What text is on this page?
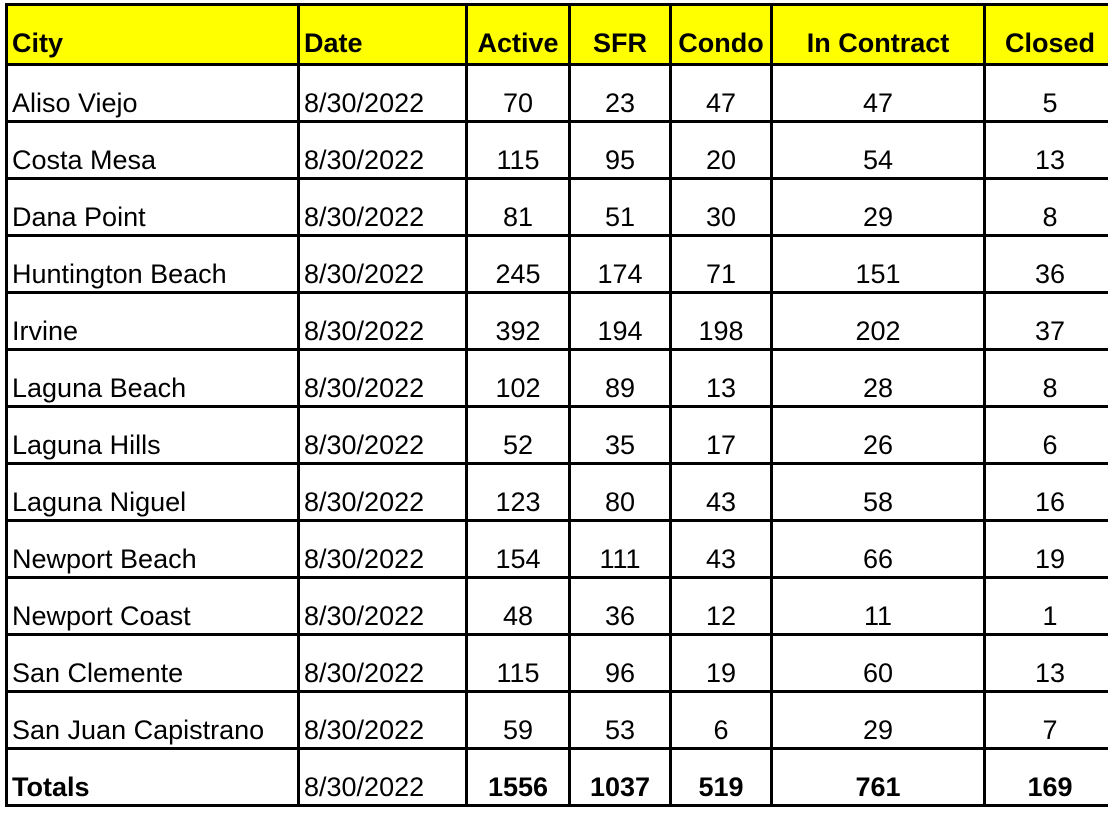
City	Date	Active	SFR	Condo	In Contract	Closed
Aliso Viejo	8/30/2022	70	23	47	47	5
Costa Mesa	8/30/2022	115	95	20	54	13
Dana Point	8/30/2022	81	51	30	29	8
Huntington Beach	8/30/2022	245	174	71	151	36
Irvine	8/30/2022	392	194	198	202	37
Laguna Beach	8/30/2022	102	89	13	28	8
Laguna Hills	8/30/2022	52	35	17	26	6
Laguna Niguel	8/30/2022	123	80	43	58	16
Newport Beach	8/30/2022	154	111	43	66	19
Newport Coast	8/30/2022	48	36	12	11	1
San Clemente	8/30/2022	115	96	19	60	13
San Juan Capistrano	8/30/2022	59	53	6	29	7
Totals	8/30/2022	1556	1037	519	761	169
